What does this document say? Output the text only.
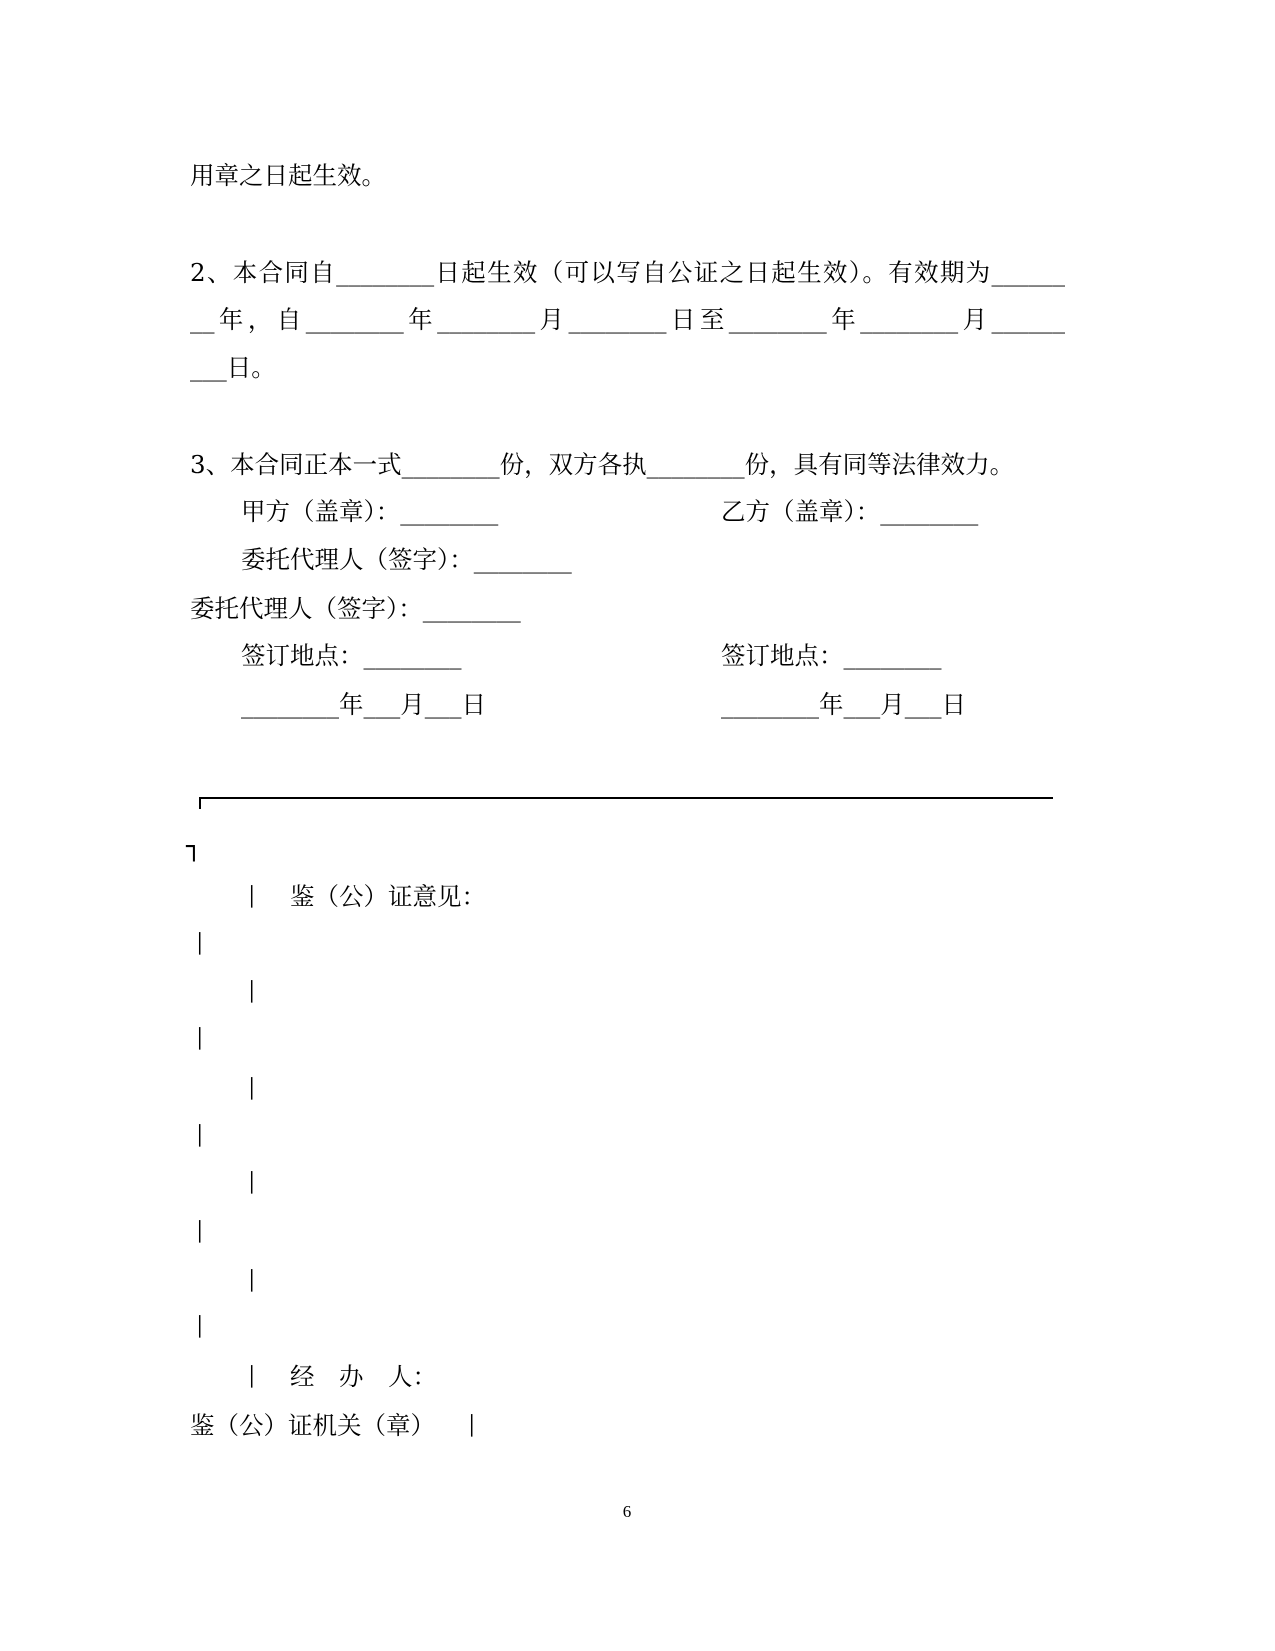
用章之日起生效。
2、本合同自________日起生效（可以写自公证之日起生效）。有效期为______
__年，自________年________月________日至________年________月______
___日。
3、本合同正本一式________份，双方各执________份，具有同等法律效力。
甲方（盖章）：________	乙方（盖章）：________
委托代理人（签字）：________
委托代理人（签字）：________
签订地点：________	签订地点：________
________年___月___日	________年___月___日
┐
│ 鉴（公）证意见：
│
│
│
│
│
│
│
│
│
│ 经　办　人：
鉴（公）证机关（章） │
6
